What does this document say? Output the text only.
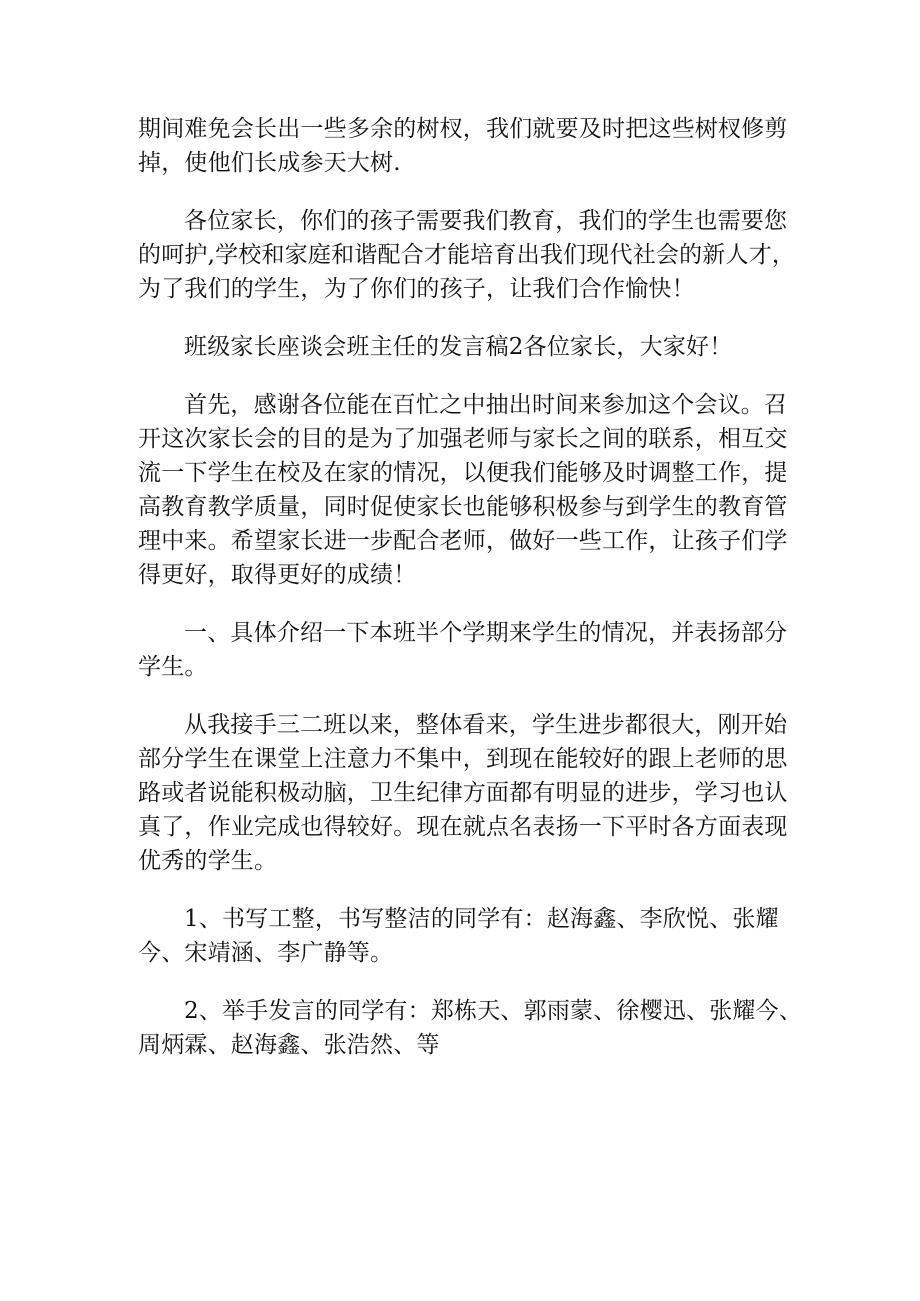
期间难免会长出一些多余的树杈，我们就要及时把这些树杈修剪
掉，使他们长成参天大树.
各位家长，你们的孩子需要我们教育，我们的学生也需要您
的呵护,学校和家庭和谐配合才能培育出我们现代社会的新人才，
为了我们的学生，为了你们的孩子，让我们合作愉快！
班级家长座谈会班主任的发言稿2各位家长，大家好！
首先，感谢各位能在百忙之中抽出时间来参加这个会议。召
开这次家长会的目的是为了加强老师与家长之间的联系，相互交
流一下学生在校及在家的情况，以便我们能够及时调整工作，提
高教育教学质量，同时促使家长也能够积极参与到学生的教育管
理中来。希望家长进一步配合老师，做好一些工作，让孩子们学
得更好，取得更好的成绩！
一、具体介绍一下本班半个学期来学生的情况，并表扬部分
学生。
从我接手三二班以来，整体看来，学生进步都很大，刚开始
部分学生在课堂上注意力不集中，到现在能较好的跟上老师的思
路或者说能积极动脑，卫生纪律方面都有明显的进步，学习也认
真了，作业完成也得较好。现在就点名表扬一下平时各方面表现
优秀的学生。
1、书写工整，书写整洁的同学有：赵海鑫、李欣悦、张耀
今、宋靖涵、李广静等。
2、举手发言的同学有：郑栋天、郭雨蒙、徐樱迅、张耀今、
周炳霖、赵海鑫、张浩然、等
